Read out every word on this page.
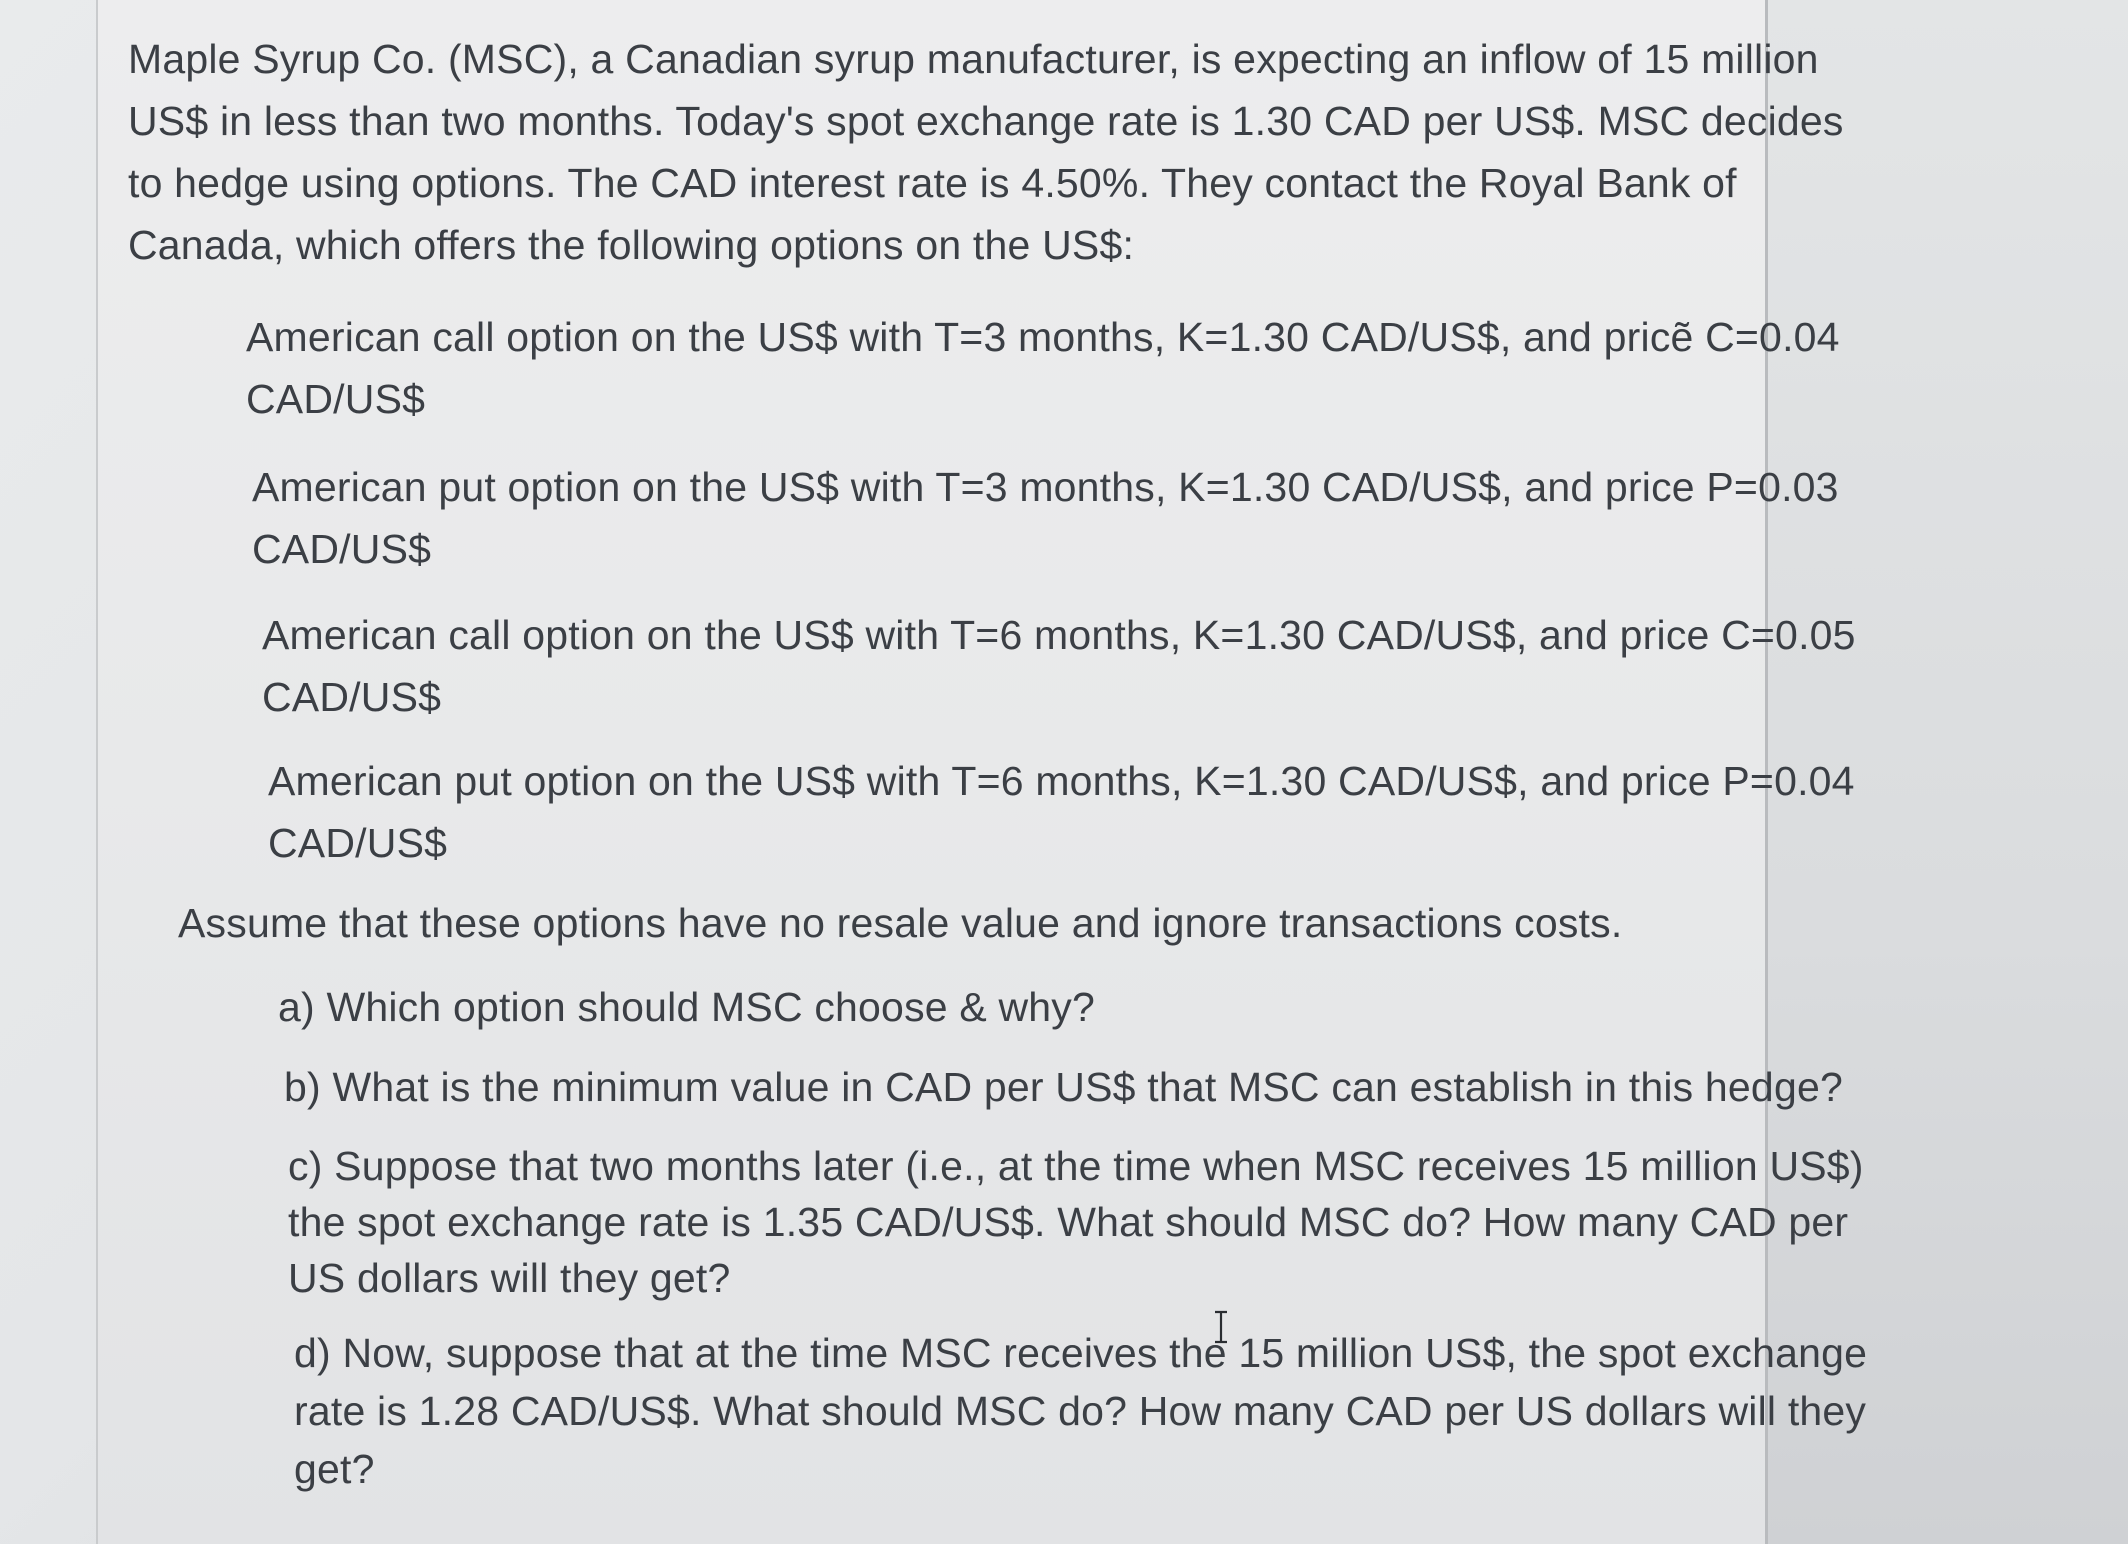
Maple Syrup Co. (MSC), a Canadian syrup manufacturer, is expecting an inflow of 15 million
US$ in less than two months. Today's spot exchange rate is 1.30 CAD per US$. MSC decides
to hedge using options. The CAD interest rate is 4.50%. They contact the Royal Bank of
Canada, which offers the following options on the US$:
American call option on the US$ with T=3 months, K=1.30 CAD/US$, and pricẽ C=0.04
CAD/US$
American put option on the US$ with T=3 months, K=1.30 CAD/US$, and price P=0.03
CAD/US$
American call option on the US$ with T=6 months, K=1.30 CAD/US$, and price C=0.05
CAD/US$
American put option on the US$ with T=6 months, K=1.30 CAD/US$, and price P=0.04
CAD/US$
Assume that these options have no resale value and ignore transactions costs.
a) Which option should MSC choose & why?
b) What is the minimum value in CAD per US$ that MSC can establish in this hedge?
c) Suppose that two months later (i.e., at the time when MSC receives 15 million US$)
the spot exchange rate is 1.35 CAD/US$. What should MSC do? How many CAD per
US dollars will they get?
d) Now, suppose that at the time MSC receives the 15 million US$, the spot exchange
rate is 1.28 CAD/US$. What should MSC do? How many CAD per US dollars will they
get?
